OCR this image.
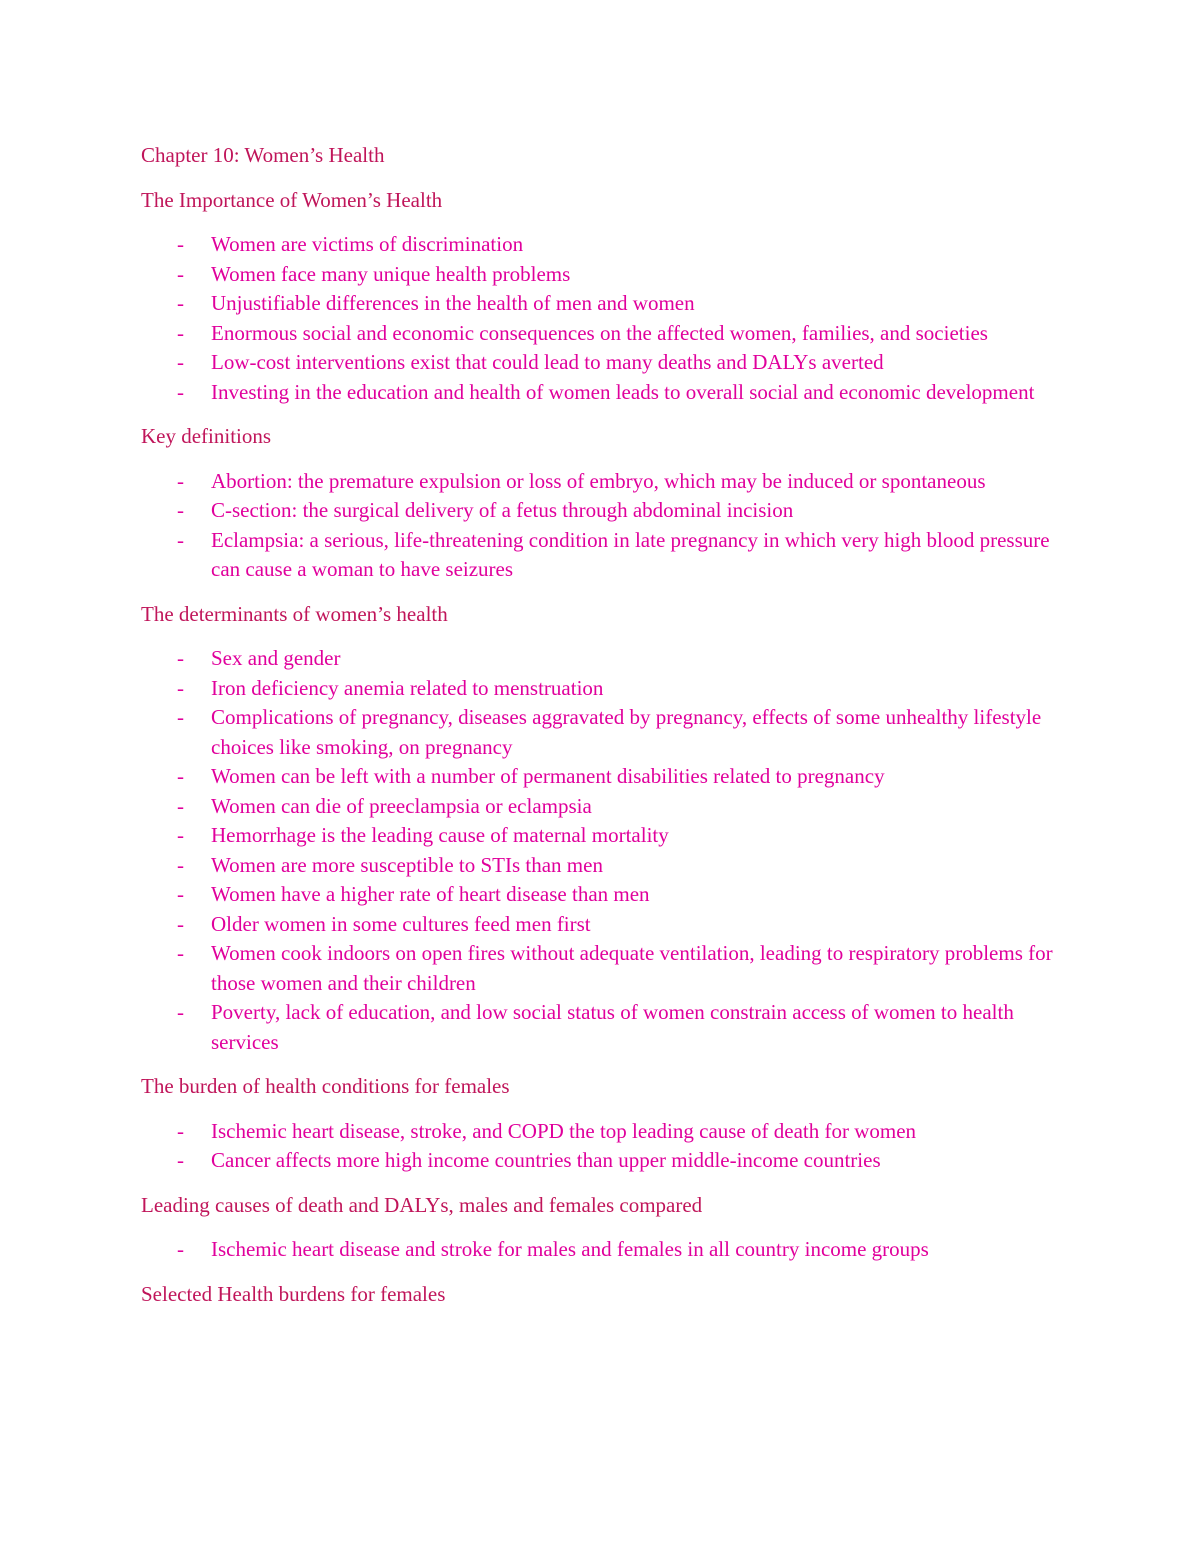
Chapter 10: Women’s Health

The Importance of Women’s Health

- Women are victims of discrimination
- Women face many unique health problems
- Unjustifiable differences in the health of men and women
- Enormous social and economic consequences on the affected women, families, and societies
- Low-cost interventions exist that could lead to many deaths and DALYs averted
- Investing in the education and health of women leads to overall social and economic development

Key definitions

- Abortion: the premature expulsion or loss of embryo, which may be induced or spontaneous
- C-section: the surgical delivery of a fetus through abdominal incision
- Eclampsia: a serious, life-threatening condition in late pregnancy in which very high blood pressure can cause a woman to have seizures

The determinants of women’s health

- Sex and gender
- Iron deficiency anemia related to menstruation
- Complications of pregnancy, diseases aggravated by pregnancy, effects of some unhealthy lifestyle choices like smoking, on pregnancy
- Women can be left with a number of permanent disabilities related to pregnancy
- Women can die of preeclampsia or eclampsia
- Hemorrhage is the leading cause of maternal mortality
- Women are more susceptible to STIs than men
- Women have a higher rate of heart disease than men
- Older women in some cultures feed men first
- Women cook indoors on open fires without adequate ventilation, leading to respiratory problems for those women and their children
- Poverty, lack of education, and low social status of women constrain access of women to health services

The burden of health conditions for females

- Ischemic heart disease, stroke, and COPD the top leading cause of death for women
- Cancer affects more high income countries than upper middle-income countries

Leading causes of death and DALYs, males and females compared

- Ischemic heart disease and stroke for males and females in all country income groups

Selected Health burdens for females
